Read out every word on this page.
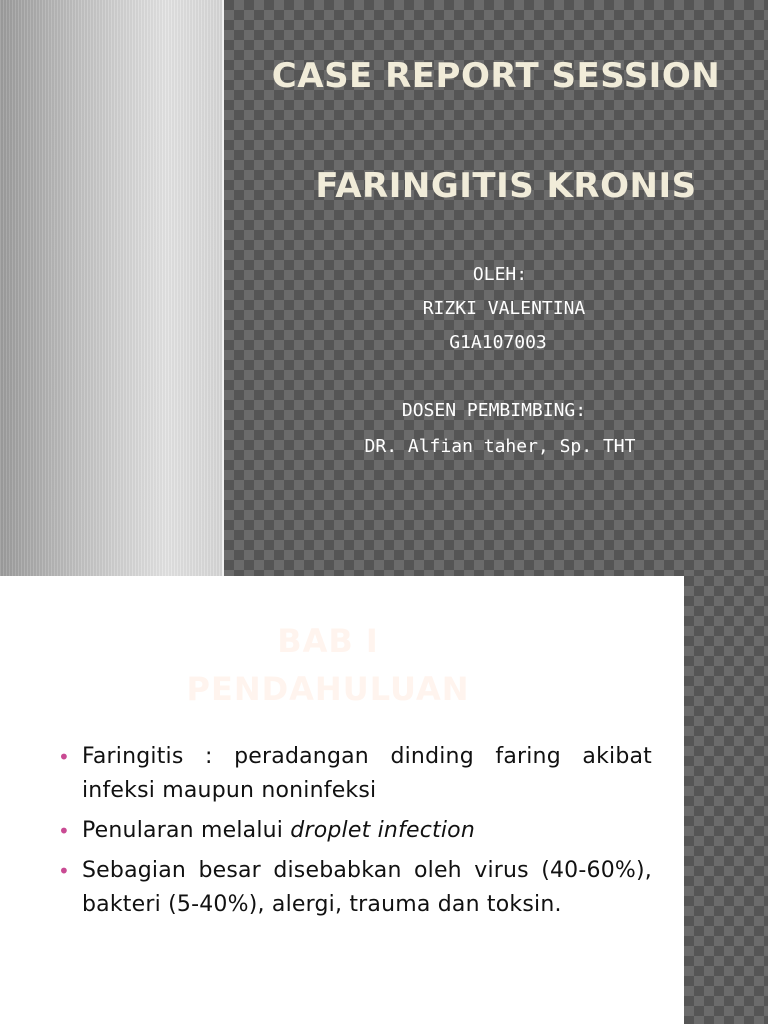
CASE REPORT SESSION
FARINGITIS KRONIS

OLEH:

RIZKI VALENTINA

G1A107003

DOSEN PEMBIMBING:

DR. Alfian taher, Sp. THT

BAB I
PENDAHULUAN
• Faringitis : peradangan dinding faring akibat infeksi maupun noninfeksi
• Penularan melalui droplet infection
• Sebagian besar disebabkan oleh virus (40-60%), bakteri (5-40%), alergi, trauma dan toksin.
